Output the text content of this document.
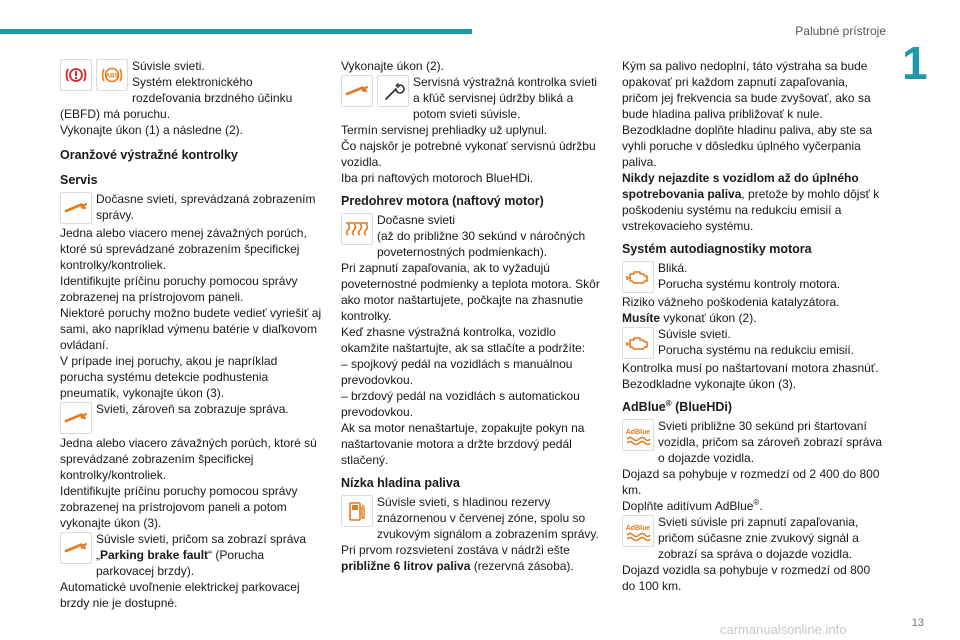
Palubné prístroje
1
ABS

Súvisle svieti.

Systém elektronického rozdeľovania brzdného účinku (EBFD) má poruchu.

Vykonajte úkon (1) a následne (2).

Oranžové výstražné kontrolky
Servis

Dočasne svieti, sprevádzaná zobrazením správy.

Jedna alebo viacero menej závažných porúch, ktoré sú sprevádzané zobrazením špecifickej kontrolky/kontroliek.

Identifikujte príčinu poruchy pomocou správy zobrazenej na prístrojovom paneli.

Niektoré poruchy možno budete vedieť vyriešiť aj sami, ako napríklad výmenu batérie v diaľkovom ovládaní.

V prípade inej poruchy, akou je napríklad porucha systému detekcie podhustenia pneumatík, vykonajte úkon (3).

Svieti, zároveň sa zobrazuje správa.

Jedna alebo viacero závažných porúch, ktoré sú sprevádzané zobrazením špecifickej kontrolky/kontroliek.

Identifikujte príčinu poruchy pomocou správy zobrazenej na prístrojovom paneli a potom vykonajte úkon (3).

Súvisle svieti, pričom sa zobrazí správa „Parking brake fault“ (Porucha parkovacej brzdy).

Automatické uvoľnenie elektrickej parkovacej brzdy nie je dostupné.

Vykonajte úkon (2).

Servisná výstražná kontrolka svieti a kľúč servisnej údržby bliká a potom svieti súvisle.

Termín servisnej prehliadky už uplynul.

Čo najskôr je potrebné vykonať servisnú údržbu vozidla.

Iba pri naftových motoroch BlueHDi.

Predohrev motora (naftový motor)

Dočasne svieti

(až do približne 30 sekúnd v náročných poveternostných podmienkach).

Pri zapnutí zapaľovania, ak to vyžadujú poveternostné podmienky a teplota motora. Skôr ako motor naštartujete, počkajte na zhasnutie kontrolky.

Keď zhasne výstražná kontrolka, vozidlo okamžite naštartujte, ak sa stlačíte a podržíte:

– spojkový pedál na vozidlách s manuálnou prevodovkou.

– brzdový pedál na vozidlách s automatickou prevodovkou.

Ak sa motor nenaštartuje, zopakujte pokyn na naštartovanie motora a držte brzdový pedál stlačený.

Nízka hladina paliva

Súvisle svieti, s hladinou rezervy znázornenou v červenej zóne, spolu so zvukovým signálom a zobrazením správy.

Pri prvom rozsvietení zostáva v nádrži ešte približne 6 litrov paliva (rezervná zásoba).

Kým sa palivo nedoplní, táto výstraha sa bude opakovať pri každom zapnutí zapaľovania, pričom jej frekvencia sa bude zvyšovať, ako sa bude hladina paliva približovať k nule.

Bezodkladne doplňte hladinu paliva, aby ste sa vyhli poruche v dôsledku úplného vyčerpania paliva.

Nikdy nejazdite s vozidlom až do úplného spotrebovania paliva, pretože by mohlo dôjsť k poškodeniu systému na redukciu emisií a vstrekovacieho systému.

Systém autodiagnostiky motora

Bliká.

Porucha systému kontroly motora.

Riziko vážneho poškodenia katalyzátora.

Musíte vykonať úkon (2).

Súvisle svieti.

Porucha systému na redukciu emisií.

Kontrolka musí po naštartovaní motora zhasnúť.

Bezodkladne vykonajte úkon (3).

AdBlue® (BlueHDi)
AdBlue Svieti približne 30 sekúnd pri štartovaní vozidla, pričom sa zároveň zobrazí správa o dojazde vozidla.

Dojazd sa pohybuje v rozmedzí od 2 400 do 800 km.

Doplňte aditívum AdBlue®.

AdBlue Svieti súvisle pri zapnutí zapaľovania, pričom súčasne znie zvukový signál a zobrazí sa správa o dojazde vozidla.

Dojazd vozidla sa pohybuje v rozmedzí od 800 do 100 km.

carmanualsonline.info	13
